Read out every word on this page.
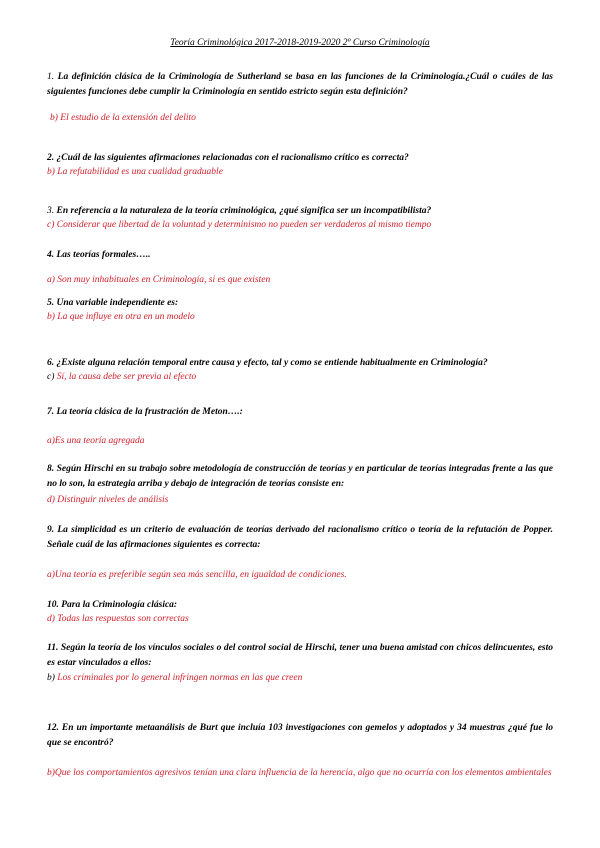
Teoría Criminológica 2017-2018-2019-2020 2º Curso Criminología
1. La definición clásica de la Criminología de Sutherland se basa en las funciones de la Criminología.¿Cuál o cuáles de las siguientes funciones debe cumplir la Criminología en sentido estricto según esta definición?
b) El estudio de la extensión del delito
2. ¿Cuál de las siguientes afirmaciones relacionadas con el racionalismo crítico es correcta?
b) La refutabilidad es una cualidad graduable
3. En referencia a la naturaleza de la teoría criminológica, ¿qué significa ser un incompatibilista?
c) Considerar que libertad de la voluntad y determinismo no pueden ser verdaderos al mismo tiempo
4. Las teorías formales…..
a) Son muy inhabituales en Criminología, si es que existen
5. Una variable independiente es:
b) La que influye en otra en un modelo
6. ¿Existe alguna relación temporal entre causa y efecto, tal y como se entiende habitualmente en Criminología?
c) Sí, la causa debe ser previa al efecto
7. La teoría clásica de la frustración de Meton….:
a)Es una teoría agregada
8. Según Hirschi en su trabajo sobre metodología de construcción de teorías y en particular de teorías integradas frente a las que no lo son, la estrategia arriba y debajo de integración de teorías consiste en:
d) Distinguir niveles de análisis
9. La simplicidad es un criterio de evaluación de teorías derivado del racionalismo crítico o teoría de la refutación de Popper. Señale cuál de las afirmaciones siguientes es correcta:
a)Una teoría es preferible según sea más sencilla, en igualdad de condiciones.
10. Para la Criminología clásica:
d) Todas las respuestas son correctas
11. Según la teoría de los vínculos sociales o del control social de Hirschi, tener una buena amistad con chicos delincuentes, esto es estar vinculados a ellos:
b) Los criminales por lo general infringen normas en las que creen
12. En un importante metaanálisis de Burt que incluía 103 investigaciones con gemelos y adoptados y 34 muestras ¿qué fue lo que se encontró?
b)Que los comportamientos agresivos tenían una clara influencia de la herencia, algo que no ocurría con los elementos ambientales
